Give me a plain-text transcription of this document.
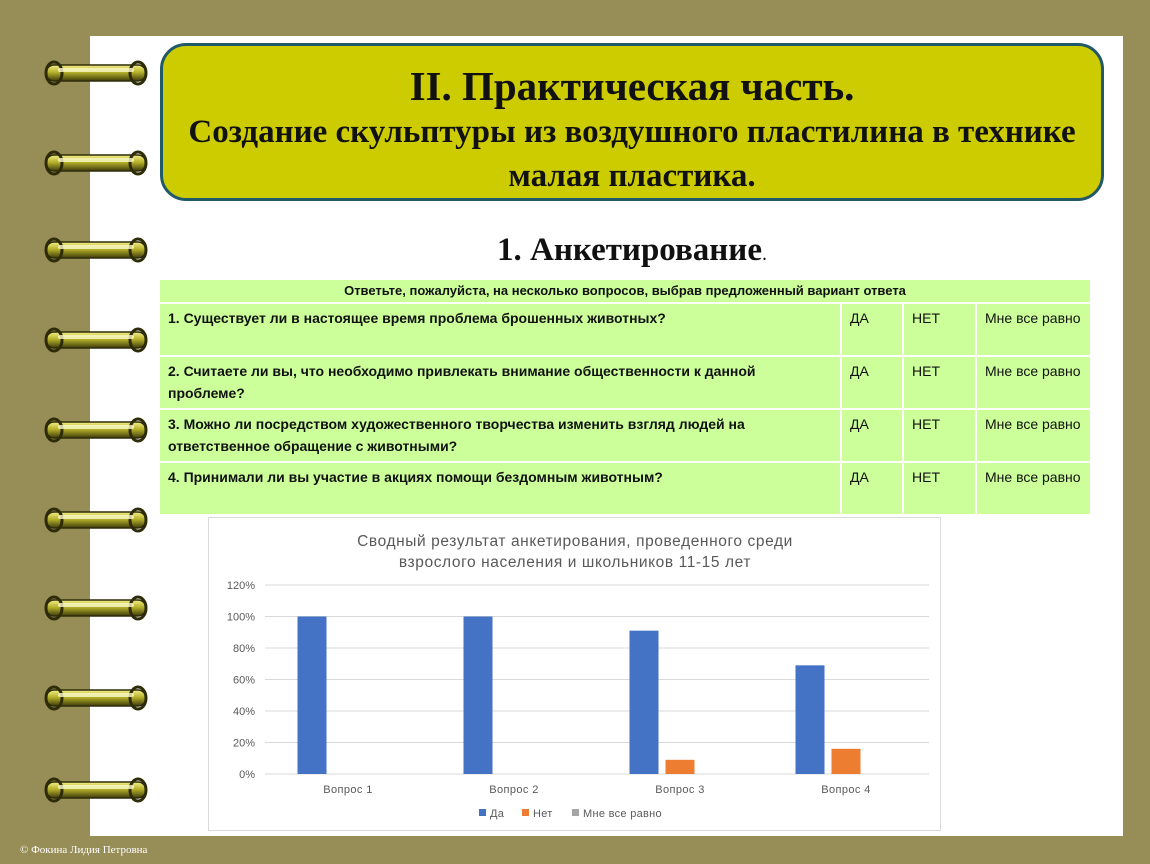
II. Практическая часть.
Создание скульптуры из воздушного пластилина в технике малая пластика.
1. Анкетирование.
Ответьте, пожалуйста, на несколько вопросов, выбрав предложенный вариант ответа			
1. Существует ли в настоящее время проблема брошенных животных?	ДА	НЕТ	Мне все равно
2. Считаете ли вы, что необходимо привлекать внимание общественности к данной проблеме?	ДА	НЕТ	Мне все равно
3. Можно ли посредством художественного творчества изменить взгляд людей на ответственное обращение с животными?	ДА	НЕТ	Мне все равно
4. Принимали ли вы участие в акциях помощи бездомным животным?	ДА	НЕТ	Мне все равно
Сводный результат анкетирования, проведенного среди
взрослого населения и школьников 11-15 лет
0%
20%
40%
60%
80%
100%
120%
Вопрос 1	Вопрос 2	Вопрос 3	Вопрос 4
Да	Нет	Мне все равно
© Фокина Лидия Петровна
